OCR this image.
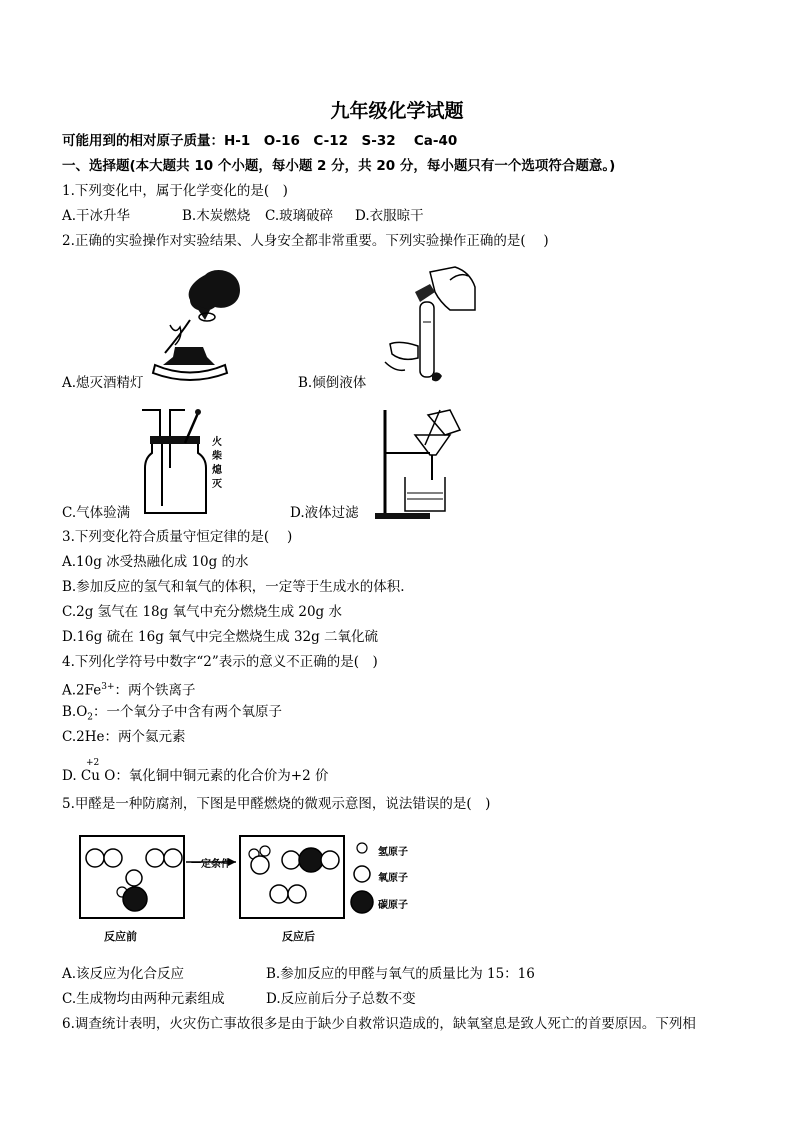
九年级化学试题
可能用到的相对原子质量：H-1　O-16　C-12　S-32　 Ca-40
一、选择题(本大题共 10 个小题，每小题 2 分，共 20 分，每小题只有一个选项符合题意。)
1.下列变化中，属于化学变化的是(　)
A.干冰升华	B.木炭燃烧 C.玻璃破碎 D.衣服晾干
2.正确的实验操作对实验结果、人身安全都非常重要。下列实验操作正确的是(　 )
A.熄灭酒精灯	B.倾倒液体
火
柴
熄
灭
C.气体验满	D.液体过滤
3.下列变化符合质量守恒定律的是(　 )
A.10g 冰受热融化成 10g 的水
B.参加反应的氢气和氧气的体积，一定等于生成水的体积.
C.2g 氢气在 18g 氧气中充分燃烧生成 20g 水
D.16g 硫在 16g 氧气中完全燃烧生成 32g 二氧化硫
4.下列化学符号中数字“2”表示的意义不正确的是(　)
$A.2Fe^{3+}$：两个铁离子
$B.O_2$：一个氧分子中含有两个氧原子
C.2He：两个氦元素
+2
D. Cu O：氧化铜中铜元素的化合价为+2 价
5.甲醛是一种防腐剂，下图是甲醛燃烧的微观示意图，说法错误的是(　)
一定条件
氢原子
氧原子
碳原子
反应前	反应后
A.该反应为化合反应	B.参加反应的甲醛与氧气的质量比为 15：16
C.生成物均由两种元素组成	D.反应前后分子总数不变
6.调查统计表明，火灾伤亡事故很多是由于缺少自救常识造成的，缺氧窒息是致人死亡的首要原因。下列相
